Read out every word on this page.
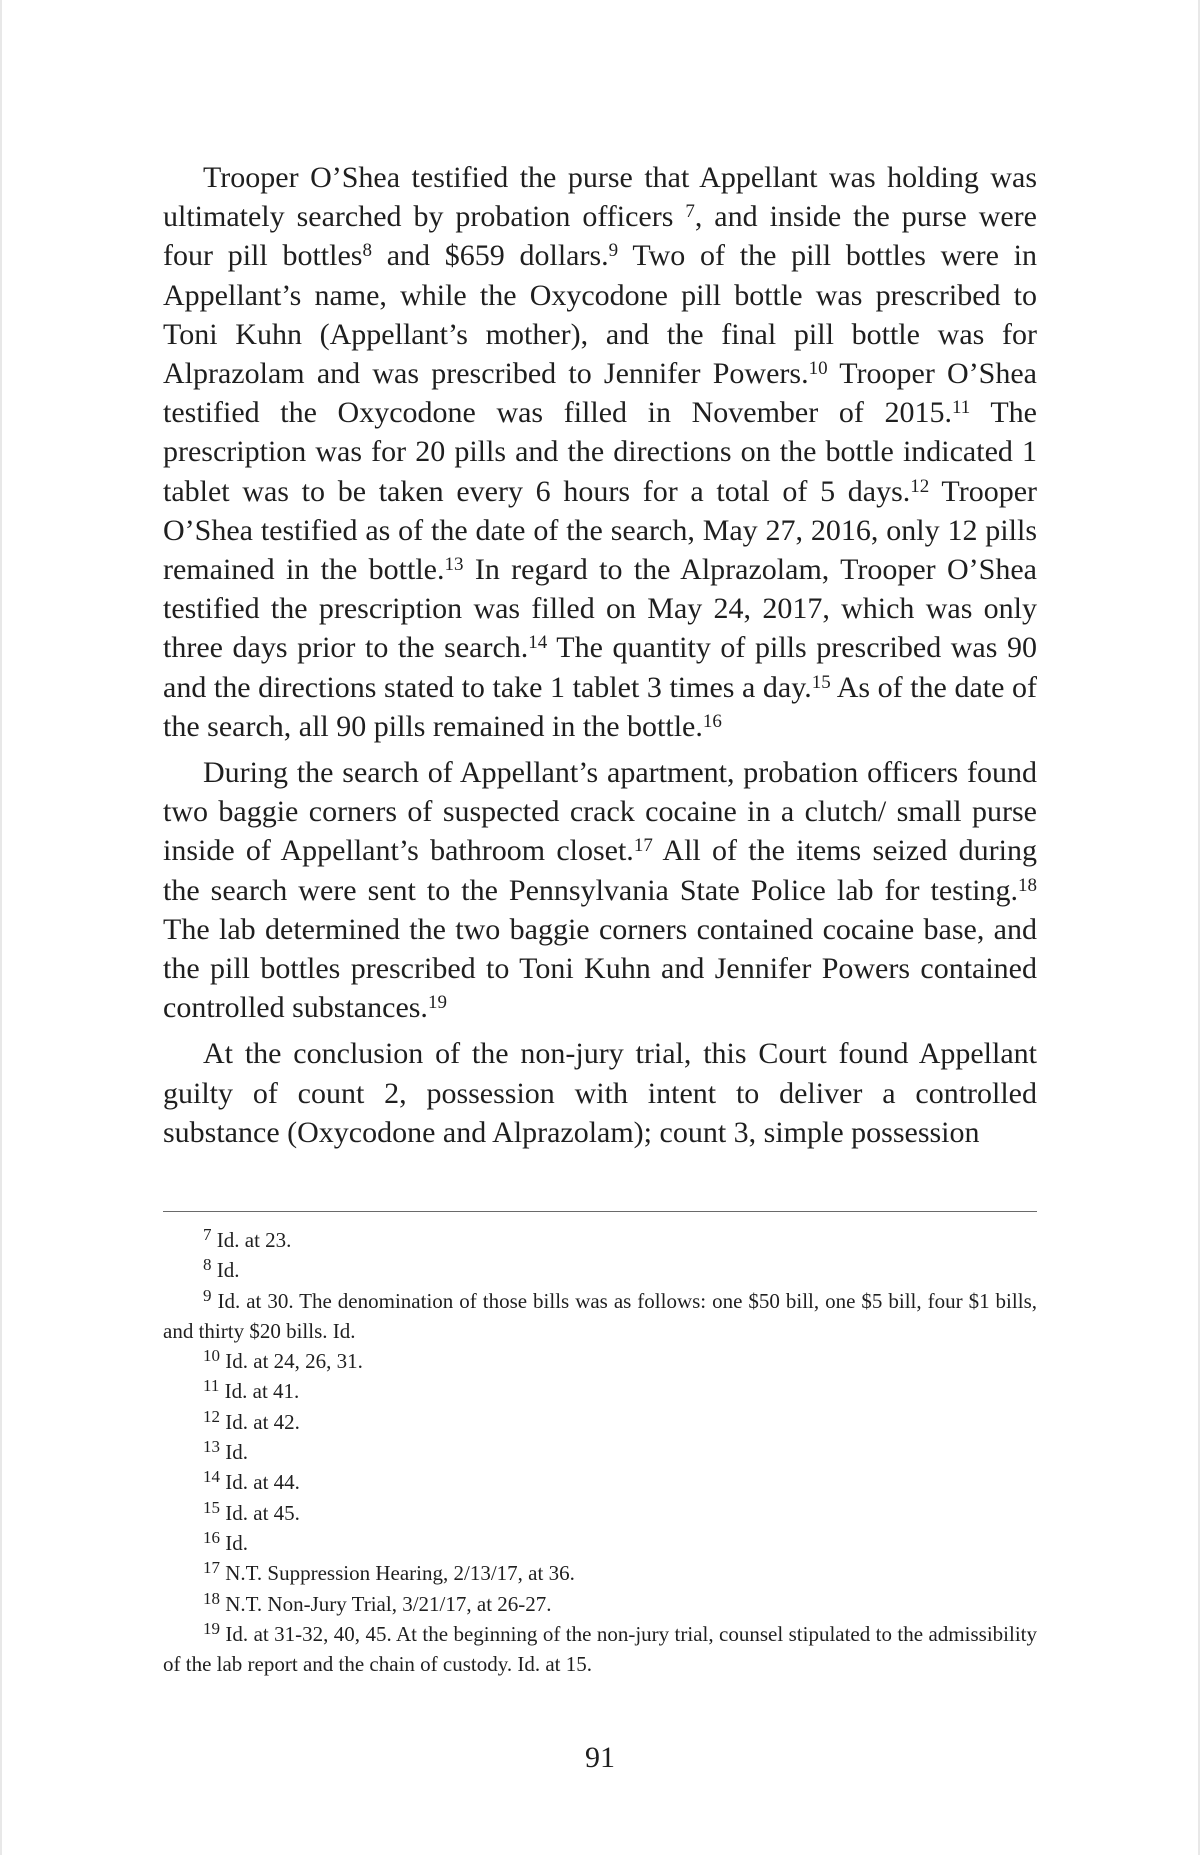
Trooper O’Shea testified the purse that Appellant was holding was ultimately searched by probation officers $^7$, and inside the purse were four pill bottles$^8$ and $659 dollars.$^9$ Two of the pill bottles were in Appellant’s name, while the Oxycodone pill bottle was prescribed to Toni Kuhn (Appellant’s mother), and the final pill bottle was for Alprazolam and was prescribed to Jennifer Powers.$^{10}$ Trooper O’Shea testified the Oxycodone was filled in November of 2015.11 The prescription was for 20 pills and the directions on the bottle indicated 1 tablet was to be taken every 6 hours for a total of 5 days.$^{12}$ Trooper O’Shea testified as of the date of the search, May 27, 2016, only 12 pills remained in the bottle.$^{13}$ In regard to the Alprazolam, Trooper O’Shea testified the prescription was filled on May 24, 2017, which was only three days prior to the search.$^{14}$ The quantity of pills prescribed was 90 and the directions stated to take 1 tablet 3 times a day.$^{15}$ As of the date of the search, all 90 pills remained in the bottle.$^{16}$

During the search of Appellant’s apartment, probation officers found two baggie corners of suspected crack cocaine in a clutch/ small purse inside of Appellant’s bathroom closet.$^{17}$ All of the items seized during the search were sent to the Pennsylvania State Police lab for testing.$^{18}$ The lab determined the two baggie corners contained cocaine base, and the pill bottles prescribed to Toni Kuhn and Jennifer Powers contained controlled substances.$^{19}$

At the conclusion of the non-jury trial, this Court found Appellant guilty of count 2, possession with intent to deliver a controlled substance (Oxycodone and Alprazolam); count 3, simple possession

$^7$ Id. at 23.

$^8$ Id.

$^9$ Id. at 30. The denomination of those bills was as follows: one $50 bill, one $5 bill, four $1 bills, and thirty $20 bills. Id.

$^{10}$ Id. at 24, 26, 31.

$^{11}$ Id. at 41.

$^{12}$ Id. at 42.

$^{13}$ Id.

$^{14}$ Id. at 44.

$^{15}$ Id. at 45.

$^{16}$ Id.

$^{17}$ N.T. Suppression Hearing, 2/13/17, at 36.

$^{18}$ N.T. Non-Jury Trial, 3/21/17, at 26-27.

$^{19}$ Id. at 31-32, 40, 45. At the beginning of the non-jury trial, counsel stipulated to the admissibility of the lab report and the chain of custody. Id. at 15.

91
